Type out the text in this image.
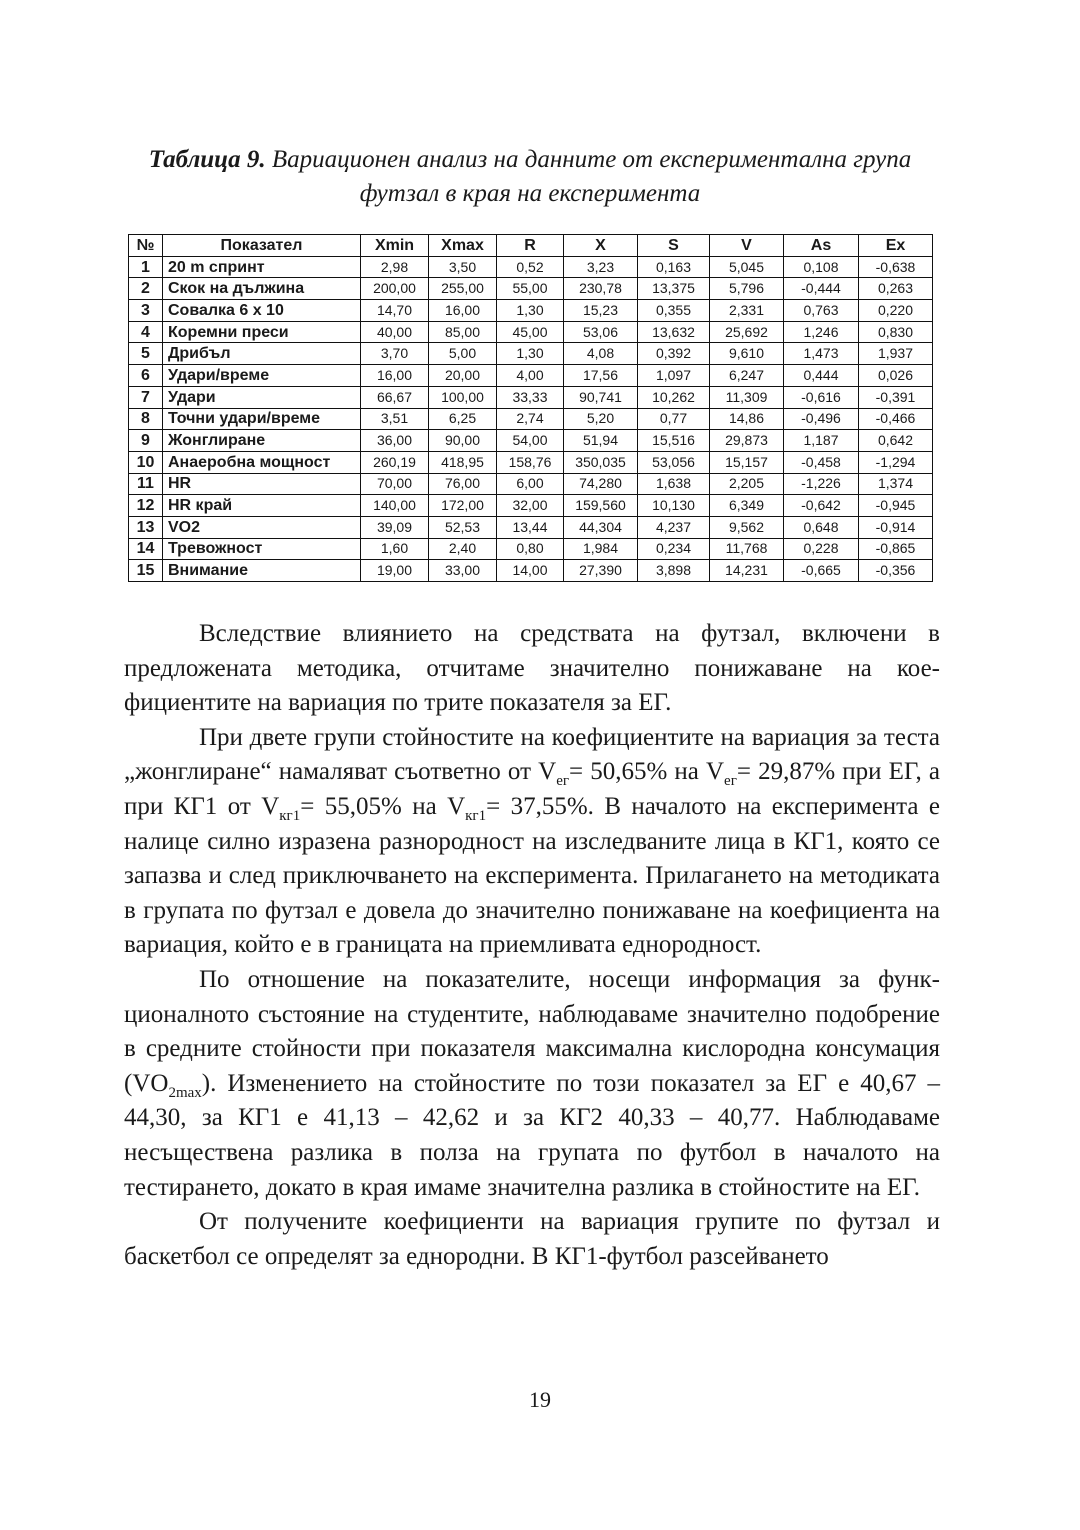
Таблица 9. Вариационен анализ на данните от експериментална група футзал в края на експеримента
№	Показател	Xmin	Xmax	R	X	S	V	As	Ex
1	20 m спринт	2,98	3,50	0,52	3,23	0,163	5,045	0,108	-0,638
2	Скок на дължина	200,00	255,00	55,00	230,78	13,375	5,796	-0,444	0,263
3	Совалка 6 x 10	14,70	16,00	1,30	15,23	0,355	2,331	0,763	0,220
4	Коремни преси	40,00	85,00	45,00	53,06	13,632	25,692	1,246	0,830
5	Дрибъл	3,70	5,00	1,30	4,08	0,392	9,610	1,473	1,937
6	Удари/време	16,00	20,00	4,00	17,56	1,097	6,247	0,444	0,026
7	Удари	66,67	100,00	33,33	90,741	10,262	11,309	-0,616	-0,391
8	Точни удари/време	3,51	6,25	2,74	5,20	0,77	14,86	-0,496	-0,466
9	Жонглиране	36,00	90,00	54,00	51,94	15,516	29,873	1,187	0,642
10	Анаеробна мощност	260,19	418,95	158,76	350,035	53,056	15,157	-0,458	-1,294
11	HR	70,00	76,00	6,00	74,280	1,638	2,205	-1,226	1,374
12	HR край	140,00	172,00	32,00	159,560	10,130	6,349	-0,642	-0,945
13	VO2	39,09	52,53	13,44	44,304	4,237	9,562	0,648	-0,914
14	Тревожност	1,60	2,40	0,80	1,984	0,234	11,768	0,228	-0,865
15	Внимание	19,00	33,00	14,00	27,390	3,898	14,231	-0,665	-0,356

Вследствие влиянието на средствата на футзал, включени в предложената методика, отчитаме значително понижаване на коефициентите на вариация по трите показателя за ЕГ.

При двете групи стойностите на коефициентите на вариация за теста „жонглиране“ намаляват съответно от $V_{ег}= 50,65\%$ на $V_{ег}= 29,87\%$ при ЕГ, а при КГ1 от $V_{кг1}= 55,05\%$ на $V_{кг1}= 37,55\%$. В началото на експеримента е налице силно изразена разнородност на изследваните лица в КГ1, която се запазва и след приключването на експеримента. Прилагането на методиката в групата по футзал е довела до значително понижаване на коефициента на вариация, който е в границата на приемливата еднородност.

По отношение на показателите, носещи информация за функционалното състояние на студентите, наблюдаваме значително подобрение в средните стойности при показателя максимална кислородна консумация $(VO_{2max})$. Изменението на стойностите по този показател за ЕГ е 40,67 – 44,30, за КГ1 е 41,13 – 42,62 и за КГ2 40,33 – 40,77. Наблюдаваме несъществена разлика в полза на групата по футбол в началото на тестирането, докато в края имаме значителна разлика в стойностите на ЕГ.

От получените коефициенти на вариация групите по футзал и баскетбол се определят за еднородни. В КГ1-футбол разсейването

19
